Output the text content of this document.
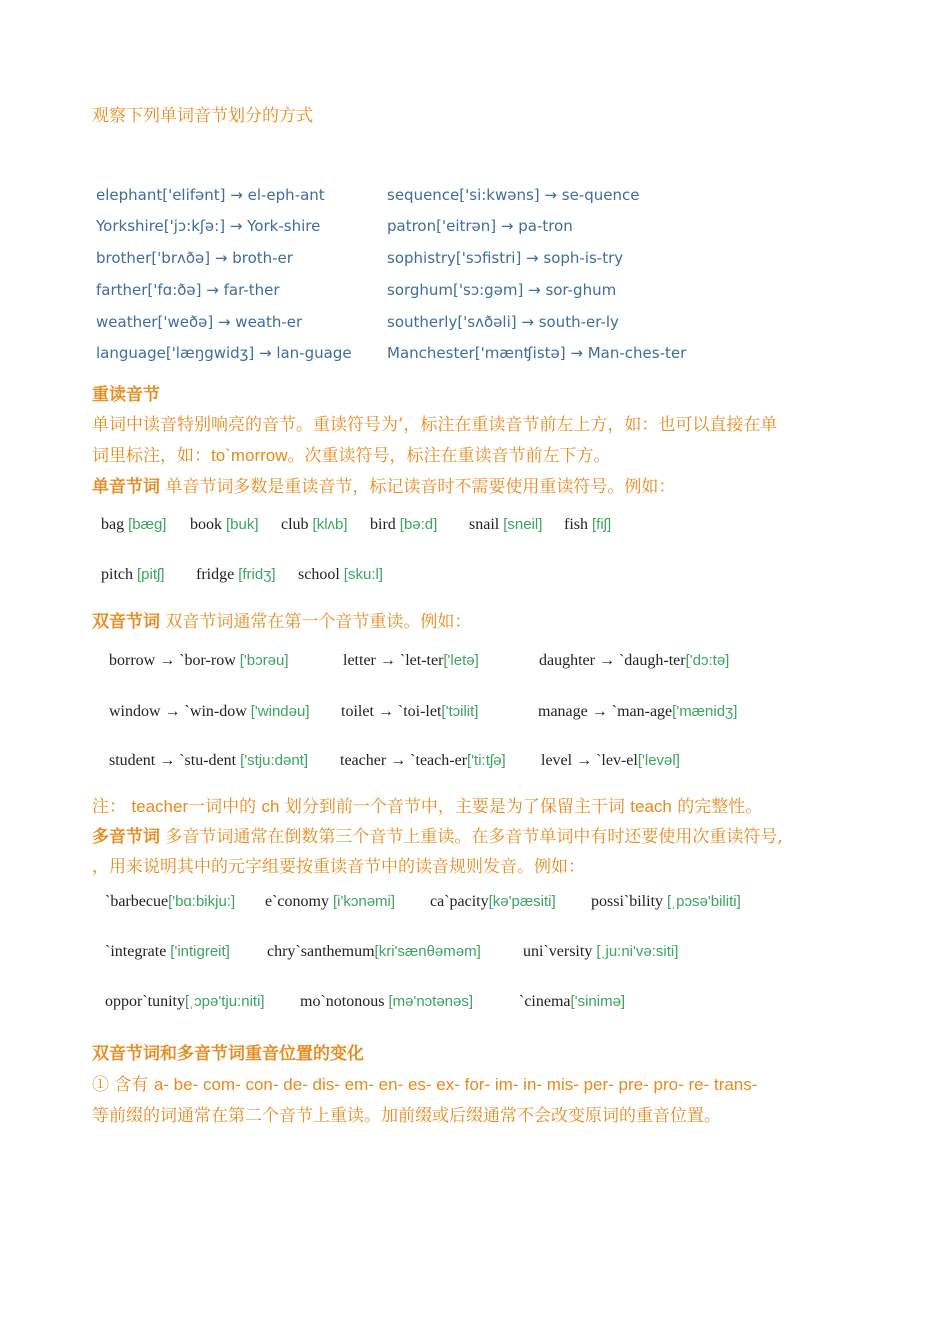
观察下列单词音节划分的方式
elephant['elifənt] → el-eph-ant	sequence['si:kwəns] → se-quence
Yorkshire['jɔ:kʃə:] → York-shire	patron['eitrən] → pa-tron
brother['brʌðə] → broth-er	sophistry['sɔfistri] → soph-is-try
farther['fɑ:ðə] → far-ther	sorghum['sɔ:gəm] → sor-ghum
weather['weðə] → weath-er	southerly['sʌðəli] → south-er-ly
language['læŋgwidʒ] → lan-guage Manchester['mænʧistə] → Man-ches-ter
重读音节
单词中读音特别响亮的音节。重读符号为’，标注在重读音节前左上方，如：也可以直接在单
词里标注，如：to`morrow。次重读符号，标注在重读音节前左下方。
单音节词 单音节词多数是重读音节，标记读音时不需要使用重读符号。例如：
bag [bæg] book [buk] club [klʌb] bird [bə:d] snail [sneil] fish [fiʃ]
pitch [pitʃ] fridge [fridʒ] school [sku:l]
双音节词 双音节词通常在第一个音节重读。例如：
borrow → `bor-row ['bɔrəu]	letter → `let-ter['letə]	daughter → `daugh-ter['dɔ:tə]
window → `win-dow ['windəu] toilet → `toi-let['tɔilit]	manage → `man-age['mænidʒ]
student → `stu-dent ['stju:dənt] teacher → `teach-er['ti:tʃə] level → `lev-el['levəl]
注： teacher一词中的 ch 划分到前一个音节中，主要是为了保留主干词 teach 的完整性。
多音节词 多音节词通常在倒数第三个音节上重读。在多音节单词中有时还要使用次重读符号,
，用来说明其中的元字组要按重读音节中的读音规则发音。例如：
`barbecue['bɑ:bikju:] e`conomy [i'kɔnəmi] ca`pacity[kə'pæsiti] possi`bility [ˌpɔsə'biliti]
`integrate ['intigreit] chry`santhemum[kri'sænθəməm]	uni`versity [ˌju:ni'və:siti]
oppor`tunity[ˌɔpə'tju:niti] mo`notonous [mə'nɔtənəs]	`cinema['sinimə]
双音节词和多音节词重音位置的变化
① 含有 a- be- com- con- de- dis- em- en- es- ex- for- im- in- mis- per- pre- pro- re- trans-
等前缀的词通常在第二个音节上重读。加前缀或后缀通常不会改变原词的重音位置。
